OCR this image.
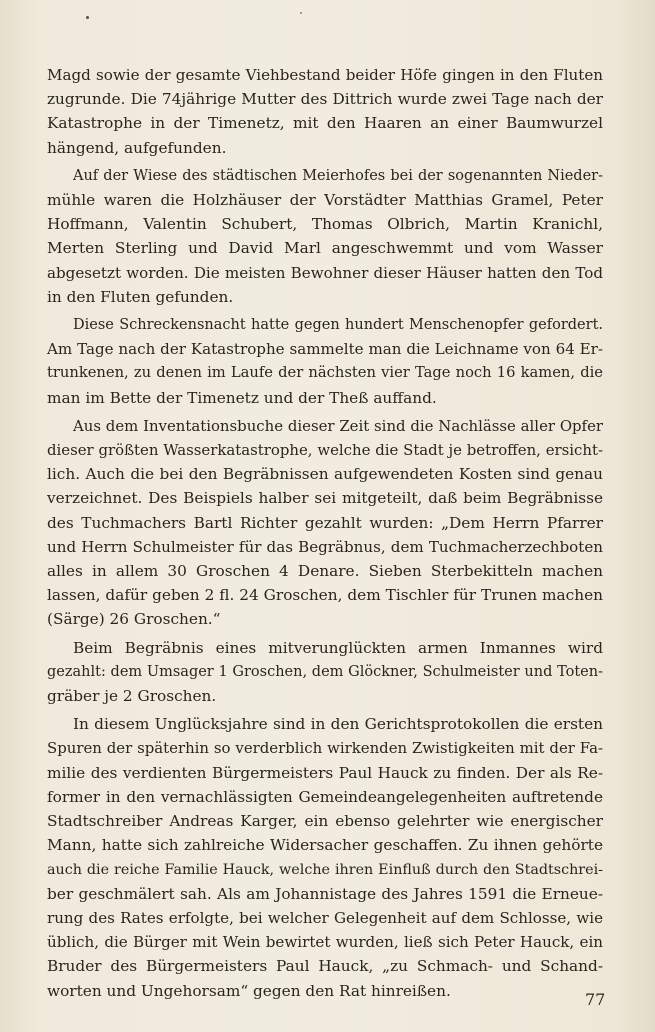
Magd sowie der gesamte Viehbestand beider Höfe gingen in den Fluten
zugrunde. Die 74jährige Mutter des Dittrich wurde zwei Tage nach der
Katastrophe in der Timenetz, mit den Haaren an einer Baumwurzel
hängend, aufgefunden.

Auf der Wiese des städtischen Meierhofes bei der sogenannten Nieder-
mühle waren die Holzhäuser der Vorstädter Matthias Gramel, Peter
Hoffmann, Valentin Schubert, Thomas Olbrich, Martin Kranichl,
Merten Sterling und David Marl angeschwemmt und vom Wasser
abgesetzt worden. Die meisten Bewohner dieser Häuser hatten den Tod
in den Fluten gefunden.

Diese Schreckensnacht hatte gegen hundert Menschenopfer gefordert.
Am Tage nach der Katastrophe sammelte man die Leichname von 64 Er-
trunkenen, zu denen im Laufe der nächsten vier Tage noch 16 kamen, die
man im Bette der Timenetz und der Theß auffand.

Aus dem Inventationsbuche dieser Zeit sind die Nachlässe aller Opfer
dieser größten Wasserkatastrophe, welche die Stadt je betroffen, ersicht-
lich. Auch die bei den Begräbnissen aufgewendeten Kosten sind genau
verzeichnet. Des Beispiels halber sei mitgeteilt, daß beim Begräbnisse
des Tuchmachers Bartl Richter gezahlt wurden: „Dem Herrn Pfarrer
und Herrn Schulmeister für das Begräbnus, dem Tuchmacherzechboten
alles in allem 30 Groschen 4 Denare. Sieben Sterbekitteln machen
lassen, dafür geben 2 fl. 24 Groschen, dem Tischler für Trunen machen
(Särge) 26 Groschen.“

Beim Begräbnis eines mitverunglückten armen Inmannes wird
gezahlt: dem Umsager 1 Groschen, dem Glöckner, Schulmeister und Toten-
gräber je 2 Groschen.

In diesem Unglücksjahre sind in den Gerichtsprotokollen die ersten
Spuren der späterhin so verderblich wirkenden Zwistigkeiten mit der Fa-
milie des verdienten Bürgermeisters Paul Hauck zu finden. Der als Re-
former in den vernachlässigten Gemeindeangelegenheiten auftretende
Stadtschreiber Andreas Karger, ein ebenso gelehrter wie energischer
Mann, hatte sich zahlreiche Widersacher geschaffen. Zu ihnen gehörte
auch die reiche Familie Hauck, welche ihren Einfluß durch den Stadtschrei-
ber geschmälert sah. Als am Johannistage des Jahres 1591 die Erneue-
rung des Rates erfolgte, bei welcher Gelegenheit auf dem Schlosse, wie
üblich, die Bürger mit Wein bewirtet wurden, ließ sich Peter Hauck, ein
Bruder des Bürgermeisters Paul Hauck, „zu Schmach- und Schand-
worten und Ungehorsam“ gegen den Rat hinreißen.	77
